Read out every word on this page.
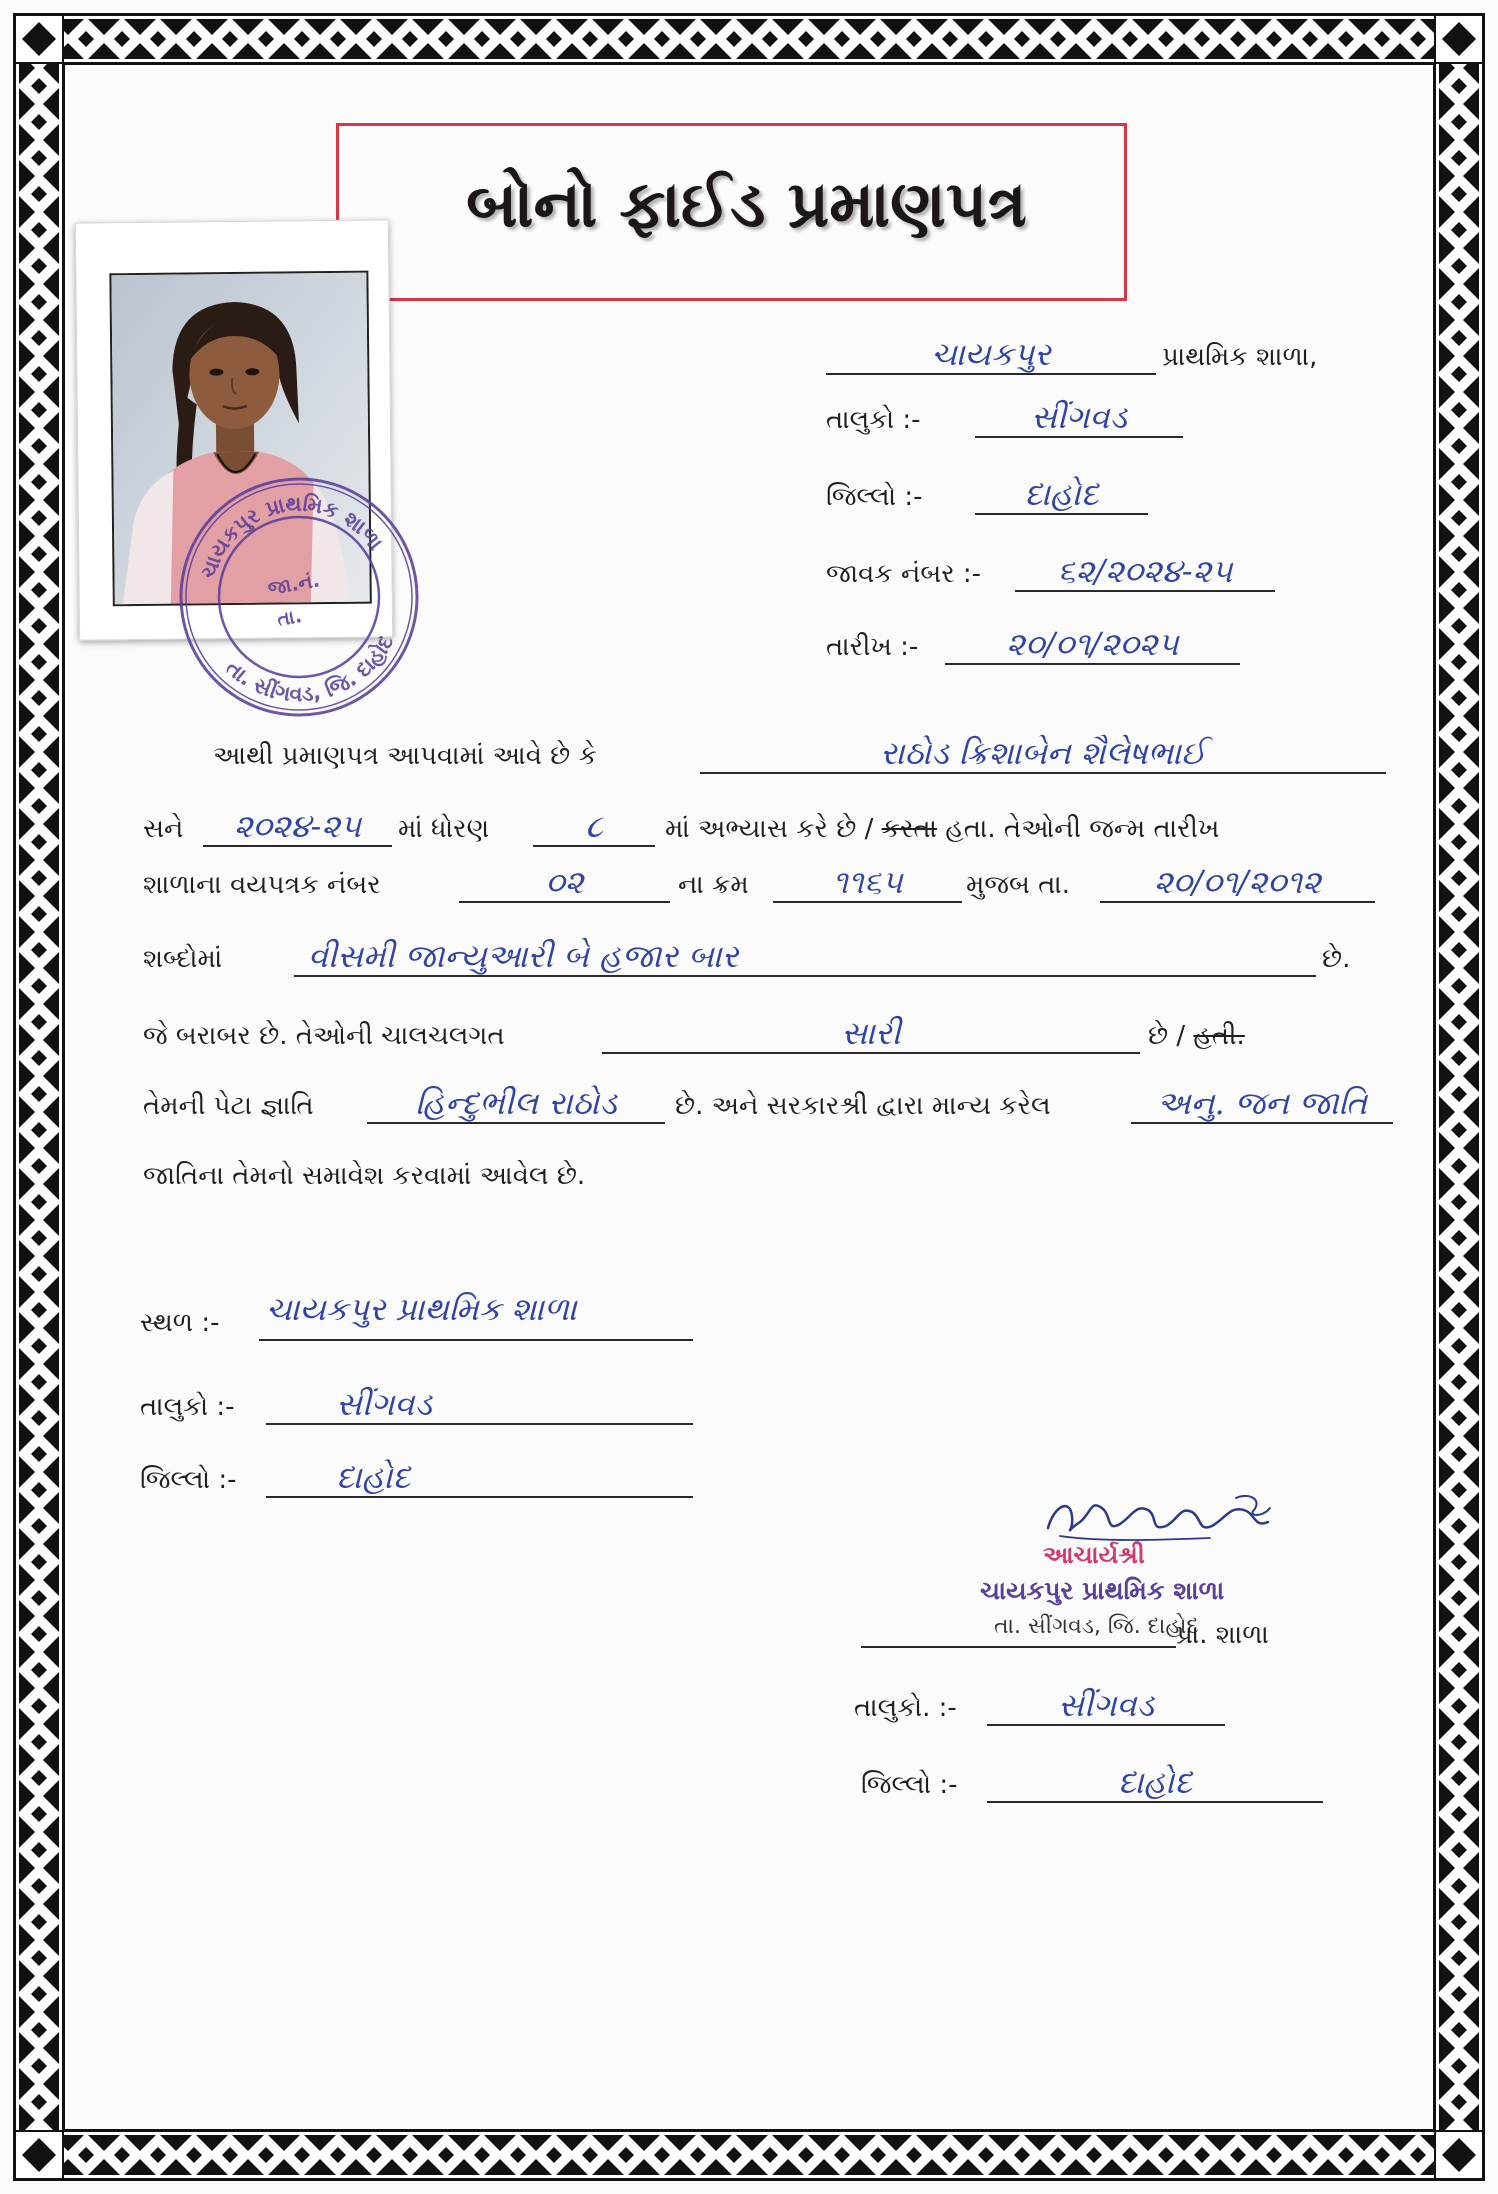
બોનો ફાઈડ પ્રમાણપત્ર
ચાયકપુર પ્રાથમિક શાળા
તા. સીંગવડ, જિ. દાહોદ
જા.નં.
તા.
ચાયકપુર	પ્રાથમિક શાળા,
તાલુકો :-	સીંગવડ
જિલ્લો :-	દાહોદ
જાવક નંબર :- ૬૨/૨૦૨૪-૨૫
તારીખ :-	૨૦/૦૧/૨૦૨૫
આથી પ્રમાણપત્ર આપવામાં આવે છે કે	રાઠોડ ક્રિશાબેન શૈલેષભાઈ
સને ૨૦૨૪-૨૫ માં ધોરણ	૮ માં અભ્યાસ કરે છે / કરતા હતા. તેઓની જન્મ તારીખ
શાળાના વયપત્રક નંબર	૦૨	ના ક્રમ	૧૧૬૫ મુજબ તા.	૨૦/૦૧/૨૦૧૨
શબ્દોમાં	વીસમી જાન્યુઆરી બે હજાર બાર	છે.
જે બરાબર છે. તેઓની ચાલચલગત	સારી	છે / હતી.
તેમની પેટા જ્ઞાતિ	હિન્દુભીલ રાઠોડ છે. અને સરકારશ્રી દ્વારા માન્ય કરેલ	અનુ. જન જાતિ
જાતિના તેમનો સમાવેશ કરવામાં આવેલ છે.
સ્થળ :- ચાયકપુર પ્રાથમિક શાળા
તાલુકો :-	સીંગવડ
જિલ્લો :-	દાહોદ
આચાર્યશ્રી
ચાયકપુર પ્રાથમિક શાળા
તા. સીંગવડ, જિ. દાહોદ
પ્રા. શાળા
તાલુકો. :-	સીંગવડ
જિલ્લો :-	દાહોદ
